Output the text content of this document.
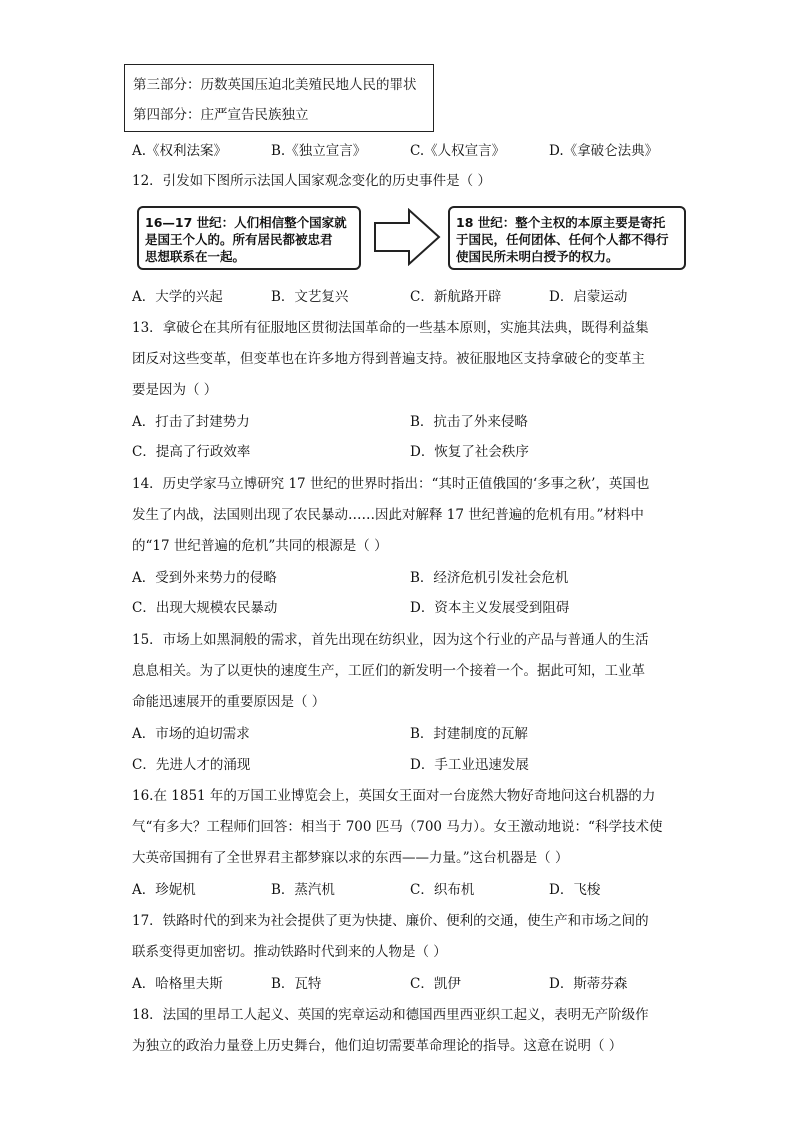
第三部分：历数英国压迫北美殖民地人民的罪状
第四部分：庄严宣告民族独立
A.《权利法案》	B.《独立宣言》	C.《人权宣言》	D.《拿破仑法典》
12．引发如下图所示法国人国家观念变化的历史事件是（ ）
16—17 世纪：人们相信整个国家就
是国王个人的。所有居民都被忠君
思想联系在一起。
18 世纪：整个主权的本原主要是寄托
于国民，任何团体、任何个人都不得行
使国民所未明白授予的权力。
A．大学的兴起	B．文艺复兴	C．新航路开辟	D．启蒙运动
13．拿破仑在其所有征服地区贯彻法国革命的一些基本原则，实施其法典，既得利益集
团反对这些变革，但变革也在许多地方得到普遍支持。被征服地区支持拿破仑的变革主
要是因为（ ）
A．打击了封建势力	B．抗击了外来侵略
C．提高了行政效率	D．恢复了社会秩序
14．历史学家马立博研究 17 世纪的世界时指出：“其时正值俄国的‘多事之秋’，英国也
发生了内战，法国则出现了农民暴动……因此对解释 17 世纪普遍的危机有用。”材料中
的“17 世纪普遍的危机”共同的根源是（ ）
A．受到外来势力的侵略	B．经济危机引发社会危机
C．出现大规模农民暴动	D．资本主义发展受到阻碍
15．市场上如黑洞般的需求，首先出现在纺织业，因为这个行业的产品与普通人的生活
息息相关。为了以更快的速度生产，工匠们的新发明一个接着一个。据此可知，工业革
命能迅速展开的重要原因是（ ）
A．市场的迫切需求	B．封建制度的瓦解
C．先进人才的涌现	D．手工业迅速发展
16.在 1851 年的万国工业博览会上，英国女王面对一台庞然大物好奇地问这台机器的力
气“有多大？工程师们回答：相当于 700 匹马（700 马力）。女王激动地说：“科学技术使
大英帝国拥有了全世界君主都梦寐以求的东西——力量。”这台机器是（ ）
A．珍妮机	B．蒸汽机	C．织布机	D．飞梭
17．铁路时代的到来为社会提供了更为快捷、廉价、便利的交通，使生产和市场之间的
联系变得更加密切。推动铁路时代到来的人物是（ ）
A．哈格里夫斯	B．瓦特	C．凯伊	D．斯蒂芬森
18．法国的里昂工人起义、英国的宪章运动和德国西里西亚织工起义，表明无产阶级作
为独立的政治力量登上历史舞台，他们迫切需要革命理论的指导。这意在说明（ ）
